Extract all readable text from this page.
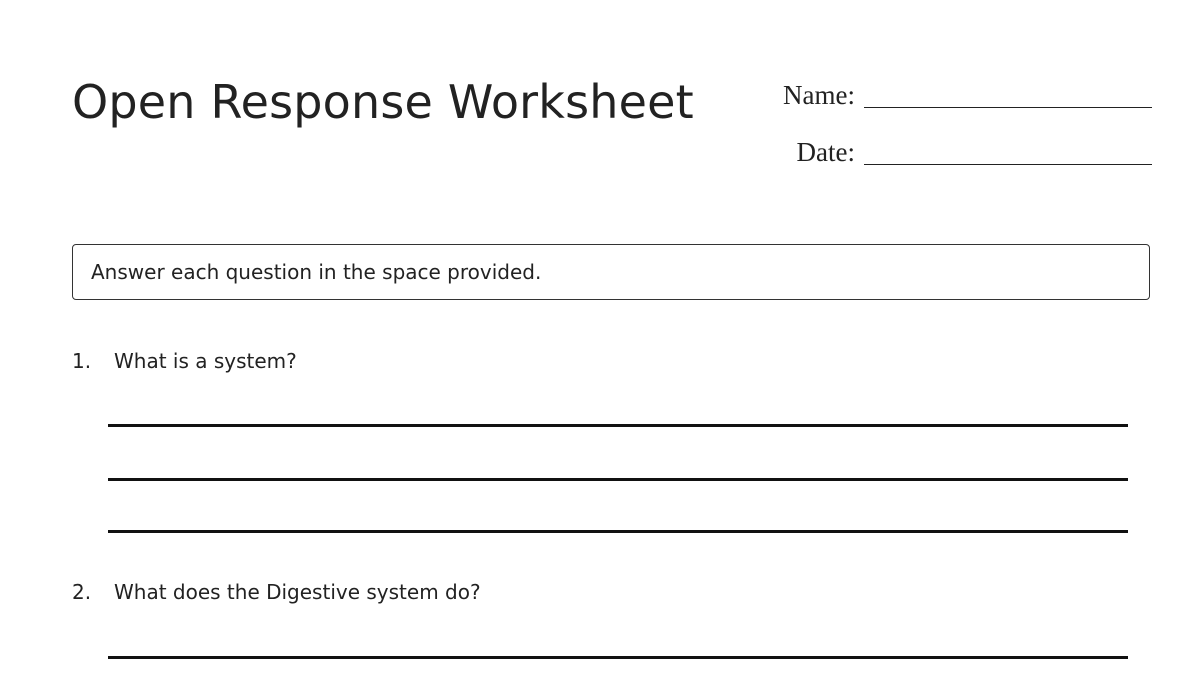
Open Response Worksheet	Name:
Date:
Answer each question in the space provided.
1.	What is a system?
2.	What does the Digestive system do?
